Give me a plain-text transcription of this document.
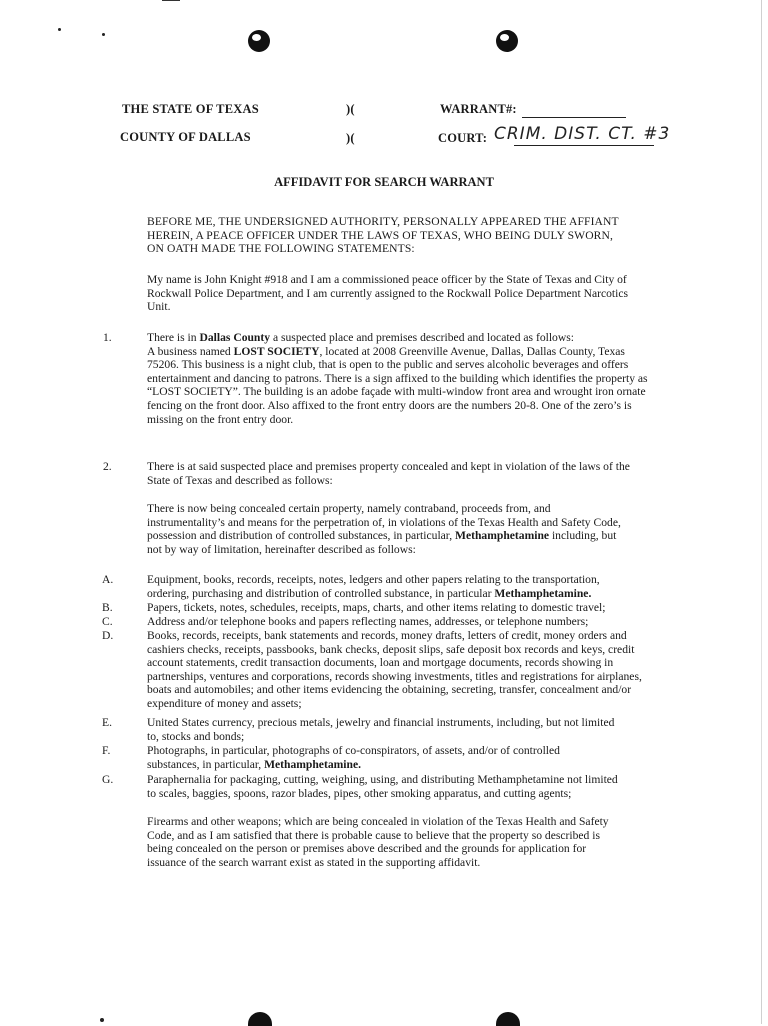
THE STATE OF TEXAS	)(	WARRANT#:
COUNTY OF DALLAS	)(	COURT: CRIM. DIST. CT. #3
AFFIDAVIT FOR SEARCH WARRANT
BEFORE ME, THE UNDERSIGNED AUTHORITY, PERSONALLY APPEARED THE AFFIANT HEREIN, A PEACE OFFICER UNDER THE LAWS OF TEXAS, WHO BEING DULY SWORN, ON OATH MADE THE FOLLOWING STATEMENTS:
My name is John Knight #918 and I am a commissioned peace officer by the State of Texas and City of Rockwall Police Department, and I am currently assigned to the Rockwall Police Department Narcotics Unit.
1.	There is in Dallas County a suspected place and premises described and located as follows:
A business named LOST SOCIETY, located at 2008 Greenville Avenue, Dallas, Dallas County, Texas 75206. This business is a night club, that is open to the public and serves alcoholic beverages and offers entertainment and dancing to patrons. There is a sign affixed to the building which identifies the property as “LOST SOCIETY”. The building is an adobe façade with multi-window front area and wrought iron ornate fencing on the front door. Also affixed to the front entry doors are the numbers 20-8. One of the zero’s is missing on the front entry door.
2.	There is at said suspected place and premises property concealed and kept in violation of the laws of the State of Texas and described as follows:
There is now being concealed certain property, namely contraband, proceeds from, and instrumentality’s and means for the perpetration of, in violations of the Texas Health and Safety Code, possession and distribution of controlled substances, in particular, Methamphetamine including, but not by way of limitation, hereinafter described as follows:
A.	Equipment, books, records, receipts, notes, ledgers and other papers relating to the transportation, ordering, purchasing and distribution of controlled substance, in particular Methamphetamine.
B.	Papers, tickets, notes, schedules, receipts, maps, charts, and other items relating to domestic travel;
C.	Address and/or telephone books and papers reflecting names, addresses, or telephone numbers;
D.	Books, records, receipts, bank statements and records, money drafts, letters of credit, money orders and cashiers checks, receipts, passbooks, bank checks, deposit slips, safe deposit box records and keys, credit account statements, credit transaction documents, loan and mortgage documents, records showing in partnerships, ventures and corporations, records showing investments, titles and registrations for airplanes, boats and automobiles; and other items evidencing the obtaining, secreting, transfer, concealment and/or expenditure of money and assets;
E.	United States currency, precious metals, jewelry and financial instruments, including, but not limited to, stocks and bonds;
F.	Photographs, in particular, photographs of co-conspirators, of assets, and/or of controlled substances, in particular, Methamphetamine.
G.	Paraphernalia for packaging, cutting, weighing, using, and distributing Methamphetamine not limited to scales, baggies, spoons, razor blades, pipes, other smoking apparatus, and cutting agents;
Firearms and other weapons; which are being concealed in violation of the Texas Health and Safety Code, and as I am satisfied that there is probable cause to believe that the property so described is being concealed on the person or premises above described and the grounds for application for issuance of the search warrant exist as stated in the supporting affidavit.
